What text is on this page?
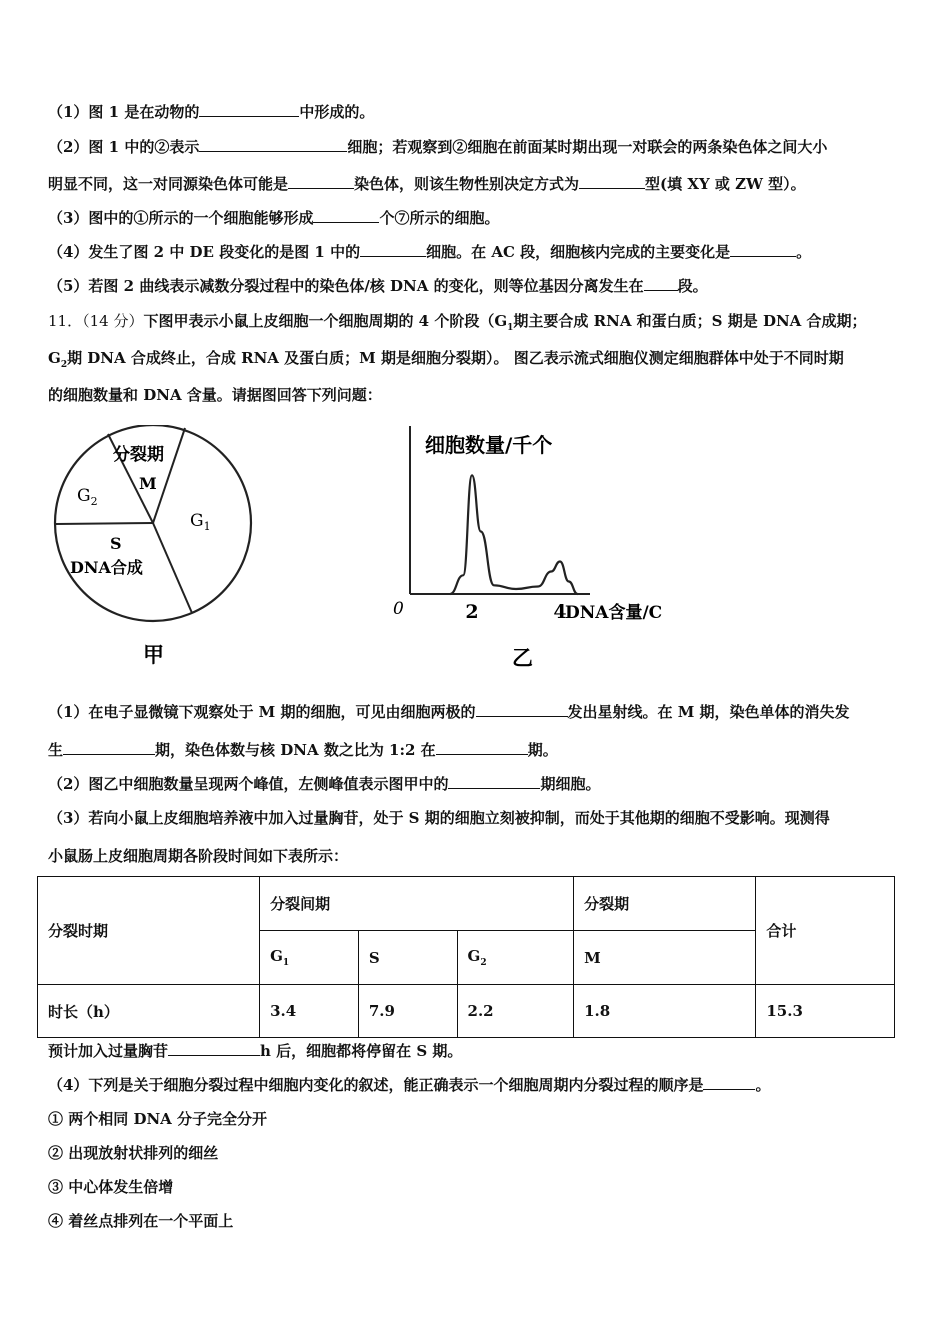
（1）图 1 是在动物的	中形成的。
（2）图 1 中的②表示	细胞；若观察到②细胞在前面某时期出现一对联会的两条染色体之间大小
明显不同，这一对同源染色体可能是	染色体，则该生物性别决定方式为	型(填 XY 或 ZW 型）。
（3）图中的①所示的一个细胞能够形成	个⑦所示的细胞。
（4）发生了图 2 中 DE 段变化的是图 1 中的	细胞。在 AC 段，细胞核内完成的主要变化是	。
（5）若图 2 曲线表示减数分裂过程中的染色体/核 DNA 的变化，则等位基因分离发生在 段。
11．（14 分）下图甲表示小鼠上皮细胞一个细胞周期的 4 个阶段（$G_1$期主要合成 RNA 和蛋白质；S 期是 DNA 合成期；
$G_2$期 DNA 合成终止，合成 RNA 及蛋白质；M 期是细胞分裂期）。 图乙表示流式细胞仪测定细胞群体中处于不同时期
的细胞数量和 DNA 含量。请据图回答下列问题：
分裂期
M
$G_2$
$G_1$
S
DNA合成
甲
细胞数量/千个
0	2	4
DNA含量/C
乙
（1）在电子显微镜下观察处于 M 期的细胞，可见由细胞两极的	发出星射线。在 M 期，染色单体的消失发
生	期，染色体数与核 DNA 数之比为 1:2 在	期。
（2）图乙中细胞数量呈现两个峰值，左侧峰值表示图甲中的	期细胞。
（3）若向小鼠上皮细胞培养液中加入过量胸苷，处于 S 期的细胞立刻被抑制，而处于其他期的细胞不受影响。现测得
小鼠肠上皮细胞周期各阶段时间如下表所示：
分裂时期	分裂间期			分裂期	合计
	$G_1$	S	$G_2$	M	
时长（h）	3.4	7.9	2.2	1.8	15.3
预计加入过量胸苷	h 后，细胞都将停留在 S 期。
（4）下列是关于细胞分裂过程中细胞内变化的叙述，能正确表示一个细胞周期内分裂过程的顺序是	。
① 两个相同 DNA 分子完全分开
② 出现放射状排列的细丝
③ 中心体发生倍增
④ 着丝点排列在一个平面上
